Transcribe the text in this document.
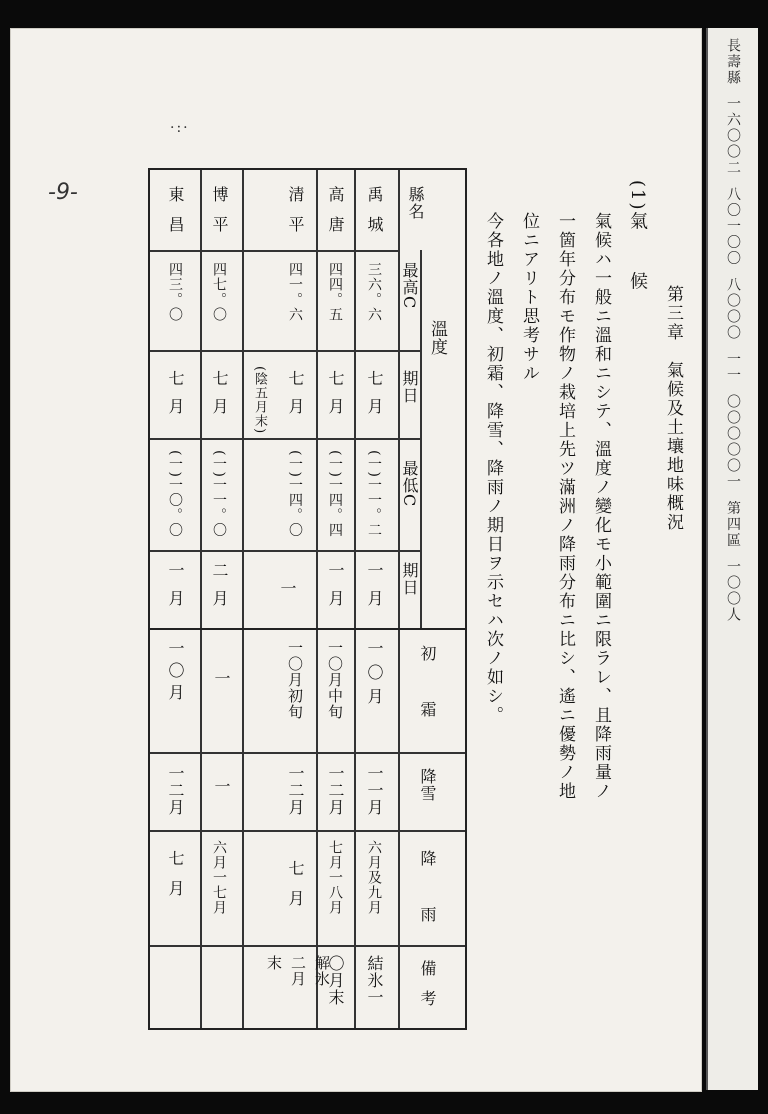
長壽縣 一六〇〇二 八〇一〇〇 八〇〇〇 一一 〇〇〇〇〇一 第四區 一〇〇人
-9-
·:·
第三章　氣候及土壤地味概況
(1)氣　　候
氣候ハ一般ニ溫和ニシテ、溫度ノ變化モ小範圍ニ限ラレ、且降雨量ノ
一箇年分布モ作物ノ栽培上先ツ滿洲ノ降雨分布ニ比シ、遙ニ優勢ノ地
位ニアリト思考サル
今各地ノ溫度、初霜、降雪、降雨ノ期日ヲ示セハ次ノ如シ。
縣名
溫度
最高C
期日
最低C
期日
初霜
降雪
降雨
備考
禹城
三六。六
七月
(一)一一。二
一月
一〇月
一一月
六月及九月
結氷一
高唐
四四。五
七月
(一)一四。四
一月
一〇月中旬
一二月
七月一八月
〇月末
清平
四一。六
七月
(陰五月末)
(一)一四。〇
一
一〇月初旬
一二月
七月
解氷二月末
博平
四七。〇
七月
(一)一一。〇
二月
一
一
六月一七月
東昌
四三。〇
七月
(一)一〇。〇
一月
一〇月
一二月
七月
